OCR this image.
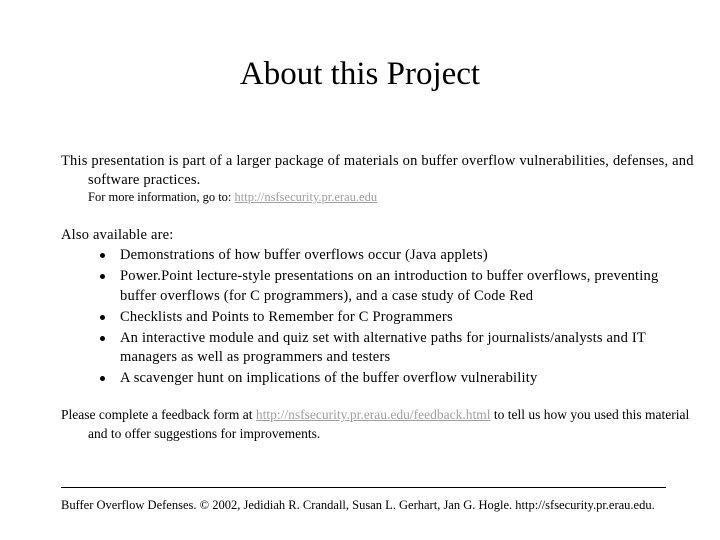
About this Project
This presentation is part of a larger package of materials on buffer overflow vulnerabilities, defenses, and software practices.
For more information, go to: http://nsfsecurity.pr.erau.edu
Also available are:
Demonstrations of how buffer overflows occur (Java applets)
Power.Point lecture-style presentations on an introduction to buffer overflows, preventing buffer overflows (for C programmers), and a case study of Code Red
Checklists and Points to Remember for C Programmers
An interactive module and quiz set with alternative paths for journalists/analysts and IT managers as well as programmers and testers
A scavenger hunt on implications of the buffer overflow vulnerability
Please complete a feedback form at http://nsfsecurity.pr.erau.edu/feedback.html to tell us how you used this material and to offer suggestions for improvements.
Buffer Overflow Defenses. © 2002, Jedidiah R. Crandall, Susan L. Gerhart, Jan G. Hogle. http://sfsecurity.pr.erau.edu.
